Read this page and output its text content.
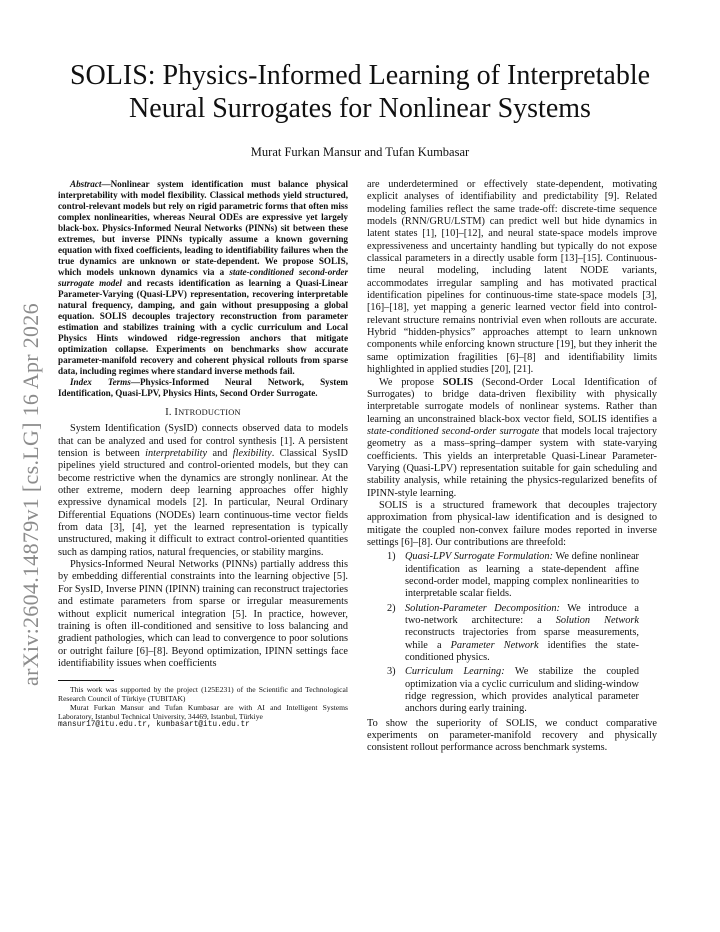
arXiv:2604.14879v1 [cs.LG] 16 Apr 2026
SOLIS: Physics-Informed Learning of Interpretable Neural Surrogates for Nonlinear Systems
Murat Furkan Mansur and Tufan Kumbasar

Abstract—Nonlinear system identification must balance physical interpretability with model flexibility. Classical methods yield structured, control-relevant models but rely on rigid parametric forms that often miss complex nonlinearities, whereas Neural ODEs are expressive yet largely black-box. Physics-Informed Neural Networks (PINNs) sit between these extremes, but inverse PINNs typically assume a known governing equation with fixed coefficients, leading to identifiability failures when the true dynamics are unknown or state-dependent. We propose SOLIS, which models unknown dynamics via a state-conditioned second-order surrogate model and recasts identification as learning a Quasi-Linear Parameter-Varying (Quasi-LPV) representation, recovering interpretable natural frequency, damping, and gain without presupposing a global equation. SOLIS decouples trajectory reconstruction from parameter estimation and stabilizes training with a cyclic curriculum and Local Physics Hints windowed ridge-regression anchors that mitigate optimization collapse. Experiments on benchmarks show accurate parameter-manifold recovery and coherent physical rollouts from sparse data, including regimes where standard inverse methods fail.

Index Terms—Physics-Informed Neural Network, System Identification, Quasi-LPV, Physics Hints, Second Order Surrogate.

I. INTRODUCTION

System Identification (SysID) connects observed data to models that can be analyzed and used for control synthesis [1]. A persistent tension is between interpretability and flexibility. Classical SysID pipelines yield structured and control-oriented models, but they can become restrictive when the dynamics are strongly nonlinear. At the other extreme, modern deep learning approaches offer highly expressive dynamical models [2]. In particular, Neural Ordinary Differential Equations (NODEs) learn continuous-time vector fields from data [3], [4], yet the learned representation is typically unstructured, making it difficult to extract control-oriented quantities such as damping ratios, natural frequencies, or stability margins.

Physics-Informed Neural Networks (PINNs) partially address this by embedding differential constraints into the learning objective [5]. For SysID, Inverse PINN (IPINN) training can reconstruct trajectories and estimate parameters from sparse or irregular measurements without explicit numerical integration [5]. In practice, however, training is often ill-conditioned and sensitive to loss balancing and gradient pathologies, which can lead to convergence to poor solutions or outright failure [6]–[8]. Beyond optimization, IPINN settings face identifiability issues when coefficients

This work was supported by the project (125E231) of the Scientific and Technological Research Council of Türkiye (TUBITAK)

Murat Furkan Mansur and Tufan Kumbasar are with AI and Intelligent Systems Laboratory, Istanbul Technical University, 34469, Istanbul, Türkiye

mansur17@itu.edu.tr, kumbasart@itu.edu.tr

are underdetermined or effectively state-dependent, motivating explicit analyses of identifiability and predictability [9]. Related modeling families reflect the same trade-off: discrete-time sequence models (RNN/GRU/LSTM) can predict well but hide dynamics in latent states [1], [10]–[12], and neural state-space models improve expressiveness and uncertainty handling but typically do not expose classical parameters in a directly usable form [13]–[15]. Continuous-time neural modeling, including latent NODE variants, accommodates irregular sampling and has motivated practical identification pipelines for continuous-time state-space models [3], [16]–[18], yet mapping a generic learned vector field into control-relevant structure remains nontrivial even when rollouts are accurate. Hybrid “hidden-physics” approaches attempt to learn unknown components while enforcing known structure [19], but they inherit the same optimization fragilities [6]–[8] and identifiability limits highlighted in applied studies [20], [21].

We propose SOLIS (Second-Order Local Identification of Surrogates) to bridge data-driven flexibility with physically interpretable surrogate models of nonlinear systems. Rather than learning an unconstrained black-box vector field, SOLIS identifies a state-conditioned second-order surrogate that models local trajectory geometry as a mass–spring–damper system with state-varying coefficients. This yields an interpretable Quasi-Linear Parameter-Varying (Quasi-LPV) representation suitable for gain scheduling and stability analysis, while retaining the physics-regularized benefits of IPINN-style learning.

SOLIS is a structured framework that decouples trajectory approximation from physical-law identification and is designed to mitigate the coupled non-convex failure modes reported in inverse settings [6]–[8]. Our contributions are threefold:

1) Quasi-LPV Surrogate Formulation: We define nonlinear identification as learning a state-dependent affine second-order model, mapping complex nonlinearities to interpretable scalar fields.
2) Solution-Parameter Decomposition: We introduce a two-network architecture: a Solution Network reconstructs trajectories from sparse measurements, while a Parameter Network identifies the state-conditioned physics.
3) Curriculum Learning: We stabilize the coupled optimization via a cyclic curriculum and sliding-window ridge regression, which provides analytical parameter anchors during early training.

To show the superiority of SOLIS, we conduct comparative experiments on parameter-manifold recovery and physically consistent rollout performance across benchmark systems.
